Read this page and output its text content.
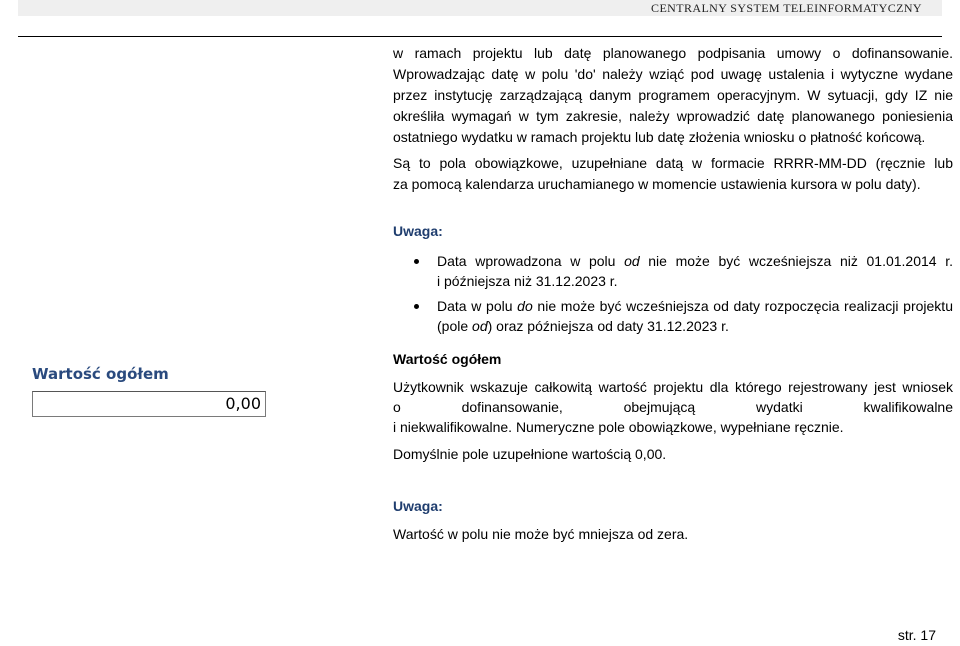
CENTRALNY SYSTEM TELEINFORMATYCZNY

w ramach projektu lub datę planowanego podpisania umowy o dofinansowanie.

Wprowadzając datę w polu 'do' należy wziąć pod uwagę ustalenia i wytyczne wydane

przez instytucję zarządzającą danym programem operacyjnym. W sytuacji, gdy IZ nie

określiła wymagań w tym zakresie, należy wprowadzić datę planowanego poniesienia

ostatniego wydatku w ramach projektu lub datę złożenia wniosku o płatność końcową.

Są to pola obowiązkowe, uzupełniane datą w formacie RRRR-MM-DD (ręcznie lub

za pomocą kalendarza uruchamianego w momencie ustawienia kursora w polu daty).

Uwaga:

Data wprowadzona w polu od nie może być wcześniejsza niż 01.01.2014 r.

i późniejsza niż 31.12.2023 r.

Data w polu do nie może być wcześniejsza od daty rozpoczęcia realizacji projektu

(pole od) oraz późniejsza od daty 31.12.2023 r.

Wartość ogółem

Wartość ogółem
0,00

Użytkownik wskazuje całkowitą wartość projektu dla którego rejestrowany jest wniosek

o dofinansowanie, obejmującą wydatki kwalifikowalne

i niekwalifikowalne. Numeryczne pole obowiązkowe, wypełniane ręcznie.

Domyślnie pole uzupełnione wartością 0,00.

Uwaga:

Wartość w polu nie może być mniejsza od zera.

str. 17
